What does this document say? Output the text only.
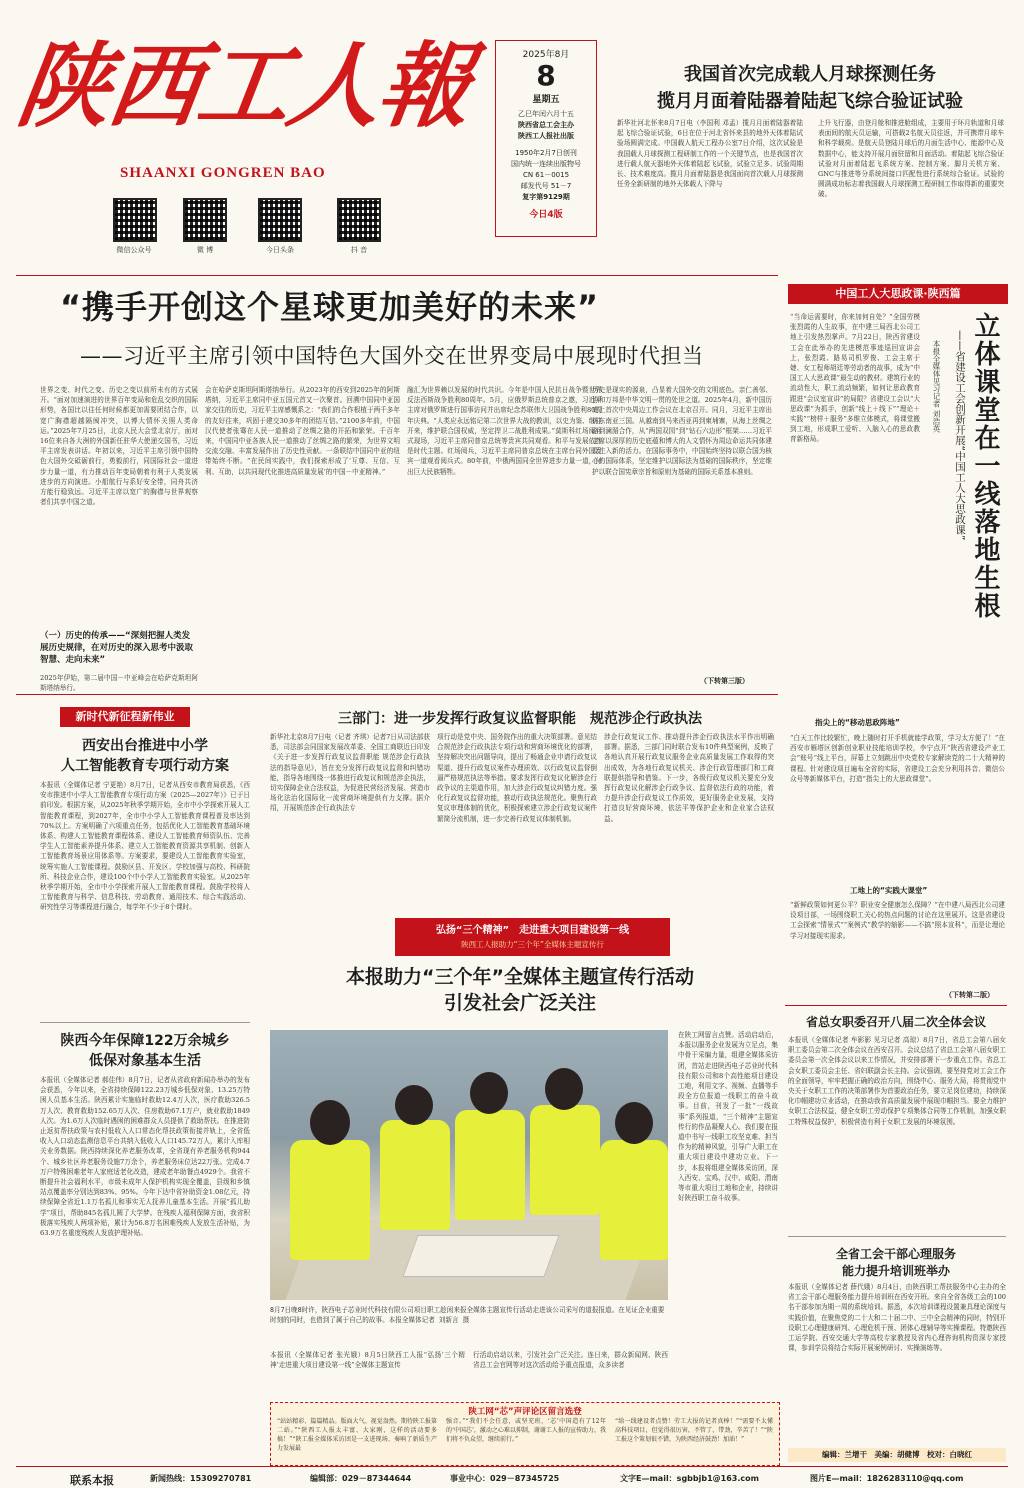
陕西工人報
SHAANXI GONGREN BAO
微信公众号	微 博	今日头条	抖 音
2025年8月
8
星期五
乙巳年闰六月十五
陕西省总工会主办
陕西工人报社出版
1950年2月7日创刊
国内统一连续出版物号
CN 61－0015
邮发代号 51－7
复字第9129期
今日4版
我国首次完成载人月球探测任务
揽月月面着陆器着陆起飞综合验证试验
新华社河北怀来8月7日电（李国利 邓孟）揽月月面着陆器着陆起飞综合验证试验，6日在位于河北省怀来县的地外天体着陆试验场圆满完成。中国载人航天工程办公室7日介绍，这次试验是我国载人月球探测工程研制工作的一个关键节点，也是我国首次进行载人航天器地外天体着陆起飞试验，试验立足多、试验周期长、技术难度高。揽月月面着陆器是我国面向首次载人月球探测任务全新研制的地外天体载人下降与
上升飞行器，由登月舱和推进舱组成，主要用于环月轨道和月球表面间的航天员运输，可搭载2名航天员往返，并可携带月球车和科学载荷。是航天员登陆月球后的月面生活中心、能源中心及数据中心，能支持开展月面驻留和月面活动。着陆起飞综合验证试验对月面着陆起飞系统方案、控制方案、脚月关机方案、GNC与推进等分系统间接口匹配性进行系统综合验证。试验的圆满成功标志着我国载人月球探测工程研制工作取得新的重要突破。
“携手开创这个星球更加美好的未来”
——习近平主席引领中国特色大国外交在世界变局中展现时代担当
世界之变、时代之变、历史之变以前所未有的方式展开。“面对加速演进的世界百年变局和危乱交织的国际形势，各国比以往任何时候都更加需要团结合作，以宽广胸襟超越隔阂冲突，以博大情怀关照人类命运。”2025年7月25日，北京人民大会堂北京厅，面对16位来自各大洲的外国新任驻华大使递交国书，习近平主席发表讲话。年初以来，习近平主席引领中国特色大国外交砥砺前行，勇毅前行，同国际社会一道进步力量一道，有力推动百年变局朝着有利于人类发展进步的方向演进。小船航行与系好安全带，同舟共济方能行稳致远。习近平主席以宽广的胸襟与世界观察者们共享中国之道。
（一）历史的传承——“深刻把握人类发展历史规律，在对历史的深入思考中汲取智慧、走向未来”
2025年伊始，第二届中国－中亚峰会在哈萨克斯坦阿斯塔纳举行。
会在哈萨克斯坦阿斯塔纳举行。从2023年的西安到2025年的阿斯塔纳，习近平主席同中亚五国元首又一次聚首。回溯中国同中亚国家交往的历史，习近平主席感慨系之：“我们的合作根植于两千多年的友好往来，巩固于建交30多年的团结互信。”2100多年前，中国汉代使者张骞在人民一道推动了丝绸之路的开拓和繁荣。千百年来，中国同中亚各族人民一道推动了丝绸之路的繁荣，为世界文明交流交融、丰富发展作出了历史性贡献。一条联结中国同中亚的纽带始终不断。“在民间实践中，我们探索形成了‘互尊、互信、互利、互助，以共同现代化推进高质量发展’的中国－中亚精神。”
融汇为世界赖以发展的时代共识。今年是中国人民抗日战争暨世界反法西斯战争胜利80周年。5月，应俄罗斯总统普京之邀，习近平主席对俄罗斯进行国事访问并出席纪念苏联伟大卫国战争胜利80周年庆典。“人类应永远铭记第二次世界大战的教训，以史为鉴、继往开来，维护联合国权威，坚定捍卫二战胜利成果。”莫斯科红场阅兵式现场，习近平主席同普京总统等贵宾共同观看。和平与发展依然是时代主题。红场阅兵，习近平主席同普京总统在主席台同外国贵宾一道观看阅兵式。80年前，中俄两国同全世界进步力量一道，付出巨大民族牺牲。
历史是现实的源泉，凸显着大国外交的文明底色。亲仁善邻、协和万邦是中华文明一贯的处世之道。2025年4月，新中国历史上首次中央周边工作会议在北京召开。同月，习近平主席出访东南亚三国。从越南到马来西亚再到柬埔寨，从海上丝绸之路到澜湄合作，从“两国双园”到“钻石六边形”框架……习近平主席以深厚的历史底蕴和博大的人文情怀为周边命运共同体建设注入新的活力。在国际事务中，中国始终坚持以联合国为核心的国际体系，坚定维护以国际法为基础的国际秩序，坚定维护以联合国宪章宗旨和原则为基础的国际关系基本准则。
（下转第三版）
中国工人大思政课·陕西篇
立体课堂在一线落地生根
——省建设工会创新开展“中国工人大思政课”
本报全媒体见习记者 刘浩英
“当命运需要时，你来加何自处？”全国劳模张烈霞的人生故事，在中建三局西北公司工地上引发热烈掌声。7月22日，陕西省建设工会在此举办的先进模范事迹巡回宣讲会上，张烈霞、路易司机罗俊、工会主席于婕、女工程师胡廷等劳动者的故事，成为“中国工人大思政课”最生动的教材。建筑行业的流动性大，职工流动频繁，如何让思政教育跟进“会议室宣讲”的局限？省建设工会以“大思政课”为抓手，创新“线上＋线下”“理论＋实践”“榜样＋服务”多维立体模式，将课堂搬到工地，形成职工爱听、入脑入心的思政教育新格局。
指尖上的“移动思政阵地”
“白天工作比较繁忙，晚上随时打开手机就能学政策，学习太方便了！”在西安市雁塔区创新创业职业技能培训学校，李宁点开“陕西省建设产业工会”账号“线上平台，屏幕上立刻跳出中央党校专家解读党的二十大精神的课程。针对建设项目遍布全省的实际，省建设工会充分利用抖音、微信公众号等新媒体平台，打造“指尖上的大思政课堂”。
工地上的“实践大课堂”
“新鲜政策如何更公平？职业安全健康怎么保障？”在中建八局西北公司建设项目部，一场围绕职工关心的热点问题的讨论在这里展开。这是省建设工会探索“情景式”“案例式”教学的缩影——不搞“照本宣科”，而是让理论学习对接现实需求。
（下转第二版）
新时代新征程新伟业
西安出台推进中小学
人工智能教育专项行动方案
本报讯（全媒体记者 宁更艳）8月7日，记者从西安市教育局获悉，《西安市推进中小学人工智能教育专项行动方案（2025—2027年）》已于日前印发。根据方案，从2025年秋季学期开始，全市中小学探索开展人工智能教育课程，到2027年，全市中小学人工智能教育课程普及率达到70%以上。方案明确了六项重点任务，包括优化人工智能教育基础环境体系、构建人工智能教育课程体系、建设人工智能教育师资队伍、完善学生人工智能素养提升体系、建立人工智能教育资源共享机制、创新人工智能教育场景应用体系等。方案要求，要建设人工智能教育实验室，统筹实施人工智能课程。鼓励区县、开发区、学校加强与高校、科研院所、科技企业合作，建设100个中小学人工智能教育实验室。从2025年秋季学期开始，全市中小学探索开展人工智能教育课程。鼓励学校将人工智能教育与科学、信息科技、劳动教育、通用技术、综合实践活动、研究性学习等课程进行融合，每学年不少于8个课时。
陕西今年保障122万余城乡
低保对象基本生活
本报讯（全媒体记者 郝佳伟）8月7日，记者从省政府新闻办举办的发布会获悉，今年以来，全省持续保障122.23万城乡低保对象、13.25万特困人员基本生活。陕西累计实施临时救助12.4万人次，医疗救助326.5万人次、教育救助152.65万人次、住房救助67.1万户，就业救助1849人次。为1.6万人次临时遇困的困难群众人员提供了救助帮扶。在推进防止返贫帮扶政策与农村低收入人口常态化帮扶政策衔接并轨上，全省低收入人口动态监测信息平台共纳入低收入人口145.72万人，累计入库相关业务数据。陕西持续深化养老服务改革，全省现有养老服务机构944个、城乡社区养老服务设施7万余个，养老服务床位达22万张。完成4.7万户特殊困难老年人家庭适老化改造，建成老年助餐点4929个。我省不断提升社会福利水平，市级未成年人保护机构实现全覆盖，县级和乡镇站点覆盖率分别达到83%、95%。今年下达中省补助资金1.08亿元，持续保障全省近1.1万名孤儿和事实无人抚养儿童基本生活。开展“孤儿助学”项目，帮助845名孤儿圆了大学梦。在残疾人福利保障方面，我省积极落实残疾人两项补贴，累计为56.8万名困难残疾人发放生活补贴，为63.9万名重度残疾人发放护理补贴。
三部门：进一步发挥行政复议监督职能　规范涉企行政执法
新华社北京8月7日电（记者 齐琪）记者7日从司法部获悉，司法部会同国家发展改革委、全国工商联近日印发《关于进一步发挥行政复议监督职能 规范涉企行政执法的指导意见》，旨在充分发挥行政复议监督和纠错功能，指导各地围绕一体推进行政复议和规范涉企执法，切实保障企业合法权益，为促进民营经济发展、营造市场化法治化国际化一流营商环境提供有力支撑。据介绍，开展规范涉企行政执法专
项行动是党中央、国务院作出的重大决策部署。意见结合规范涉企行政执法专项行动和营商环境优化的部署，坚持解决突出问题导向，提出了畅通企业申请行政复议渠道、提升行政复议案件办理质效、以行政复议监督倒逼严格规范执法等举措。要求发挥行政复议化解涉企行政争议的主渠道作用，加大涉企行政复议纠错力度。强化行政复议监督功能，推动行政执法规范化。聚焦行政复议审理体制的优化，积极探索建立涉企行政复议案件繁简分流机制，进一步完善行政复议体制机制。
涉企行政复议工作、推动提升涉企行政执法水平作出明确部署。据悉，三部门同时联合发布10件典型案例，反映了各地认真开展行政复议服务企业高质量发展工作取得的突出成效，为各地行政复议机关、涉企行政管理部门和工商联提供指导和借鉴。下一步，各级行政复议机关要充分发挥行政复议化解涉企行政争议、监督依法行政的功能，着力提升涉企行政复议工作质效，更好服务企业发展，支持打造良好营商环境，依法平等保护企业和企业家合法权益。
弘扬“三个精神”　走进重大项目建设第一线
陕西工人报助力“三个年”全媒体主题宣传行
本报助力“三个年”全媒体主题宣传行活动
引发社会广泛关注
8月7日晚8时许，陕西电子芯业时代科技有限公司项目职工趁闲来报全媒体主题宣传行活动走进该公司采写的道报报道。在见证企业重要时刻的同时，也借到了属于自己的故事。本报全媒体记者 刘新言 摄
本报讯（全媒体记者 张光娥）8月5日陕西工人报“弘扬‘三个精神’走进重大项目建设第一线”全媒体主题宣传
行活动启动以来，引发社会广泛关注。连日来，群众新闻网、陕西省总工会官网等对这次活动给予重点报道，众多读者
在陕工网留言点赞。活动启动后，本报以服务企业发展为立足点，集中骨干采编力量，组建全媒体采访团，首站走进陕西电子芯业时代科技有限公司和8个高性能项目建设工地，利用文字、视频、直播等手段全方位报道一线职工的奋斗故事。目前，刊发了一批“一线故事”系列报道，“三个精神”主题宣传行的作品凝聚人心。我们要在报道中书写一线职工攻坚克难、担当作为的精神风貌，引导广大职工在重大项目建设中建功立业。下一步，本报将组建全媒体采访团，深入西安、宝鸡、汉中、咸阳、渭南等市重大项目工地和企业，持续讲好陕西职工奋斗故事。
陕工网“芯”声评论区留言选登
“站站精彩、篇篇精品。版面大气、视觉盎然。期待陕工报第二站。”“陕西工人报太丰富、大家刚，这样的活动要多搞！”“陕工报全媒体采访团是一支进现场、奏响了新质生产力发展最
强音。”“我们不会任意，或坚充班，‘芯’中国造有了12年的‘中国芯’，激动之心难以抑制，谢谢工人报的宣传助力，我们将不负众望，继续前行。”
“给一线建设者点赞！劳工大报的记者真棒！”“需要不太懂高科技项目，但觉得很厉害，不管了，带劲，辛苦了！”“陕工报这个策划很不错，为陕西经济鼓劲！加油！”
省总女职委召开八届二次全体会议
本报讯（全媒体记者 牟影影 见习记者 高琼）8月7日，省总工会第八届女职工委员会第二次全体会议在西安召开。会议总结了省总工会第八届女职工委员会第一次全体会议以来工作情况，并安排部署下一步重点工作。省总工会女职工委员会主任、省妇联副会长主持。会议强调，要坚持党对工会工作的全面领导，牢牢把握正确的政治方向，围绕中心、服务大局，将贯彻党中央关于女职工工作的决策部署作为首要政治任务，要立足岗位建功，持续深化巾帼建功立业活动，在推动我省高质量发展中展现巾帼担当。要全力维护女职工合法权益，健全女职工劳动保护专项集体合同等工作机制，加强女职工特殊权益保护，积极营造有利于女职工发展的环境氛围。
全省工会干部心理服务
能力提升培训班举办
本报讯（全媒体记者 薛代娥）8月4日，由陕西职工帮扶服务中心主办的全省工会干部心理服务能力提升培训班在西安开班。来自全省各级工会的100名干部参加为期一周的系统培训。据悉，本次培训课程设置兼具理论深度与实践价值，在聚焦党的二十大和二十届二中、三中全会精神的同时，特别开设职工心理健康研判、心理危机干预、团体心理辅导等实操课程。特邀陕西工运学院、西安交通大学等高校专家教授及省内心理咨询机构资深专家授课，参训学员将结合实际开展案例研讨、实操演练等。
编辑：兰增干　美编：胡健博　校对：白晓红
联系本报	新闻热线：15309270781	编辑部：029－87344644	事业中心：029－87345725	文字E—mail：sgbbjb1@163.com	图片E—mail：1826283110@qq.com
